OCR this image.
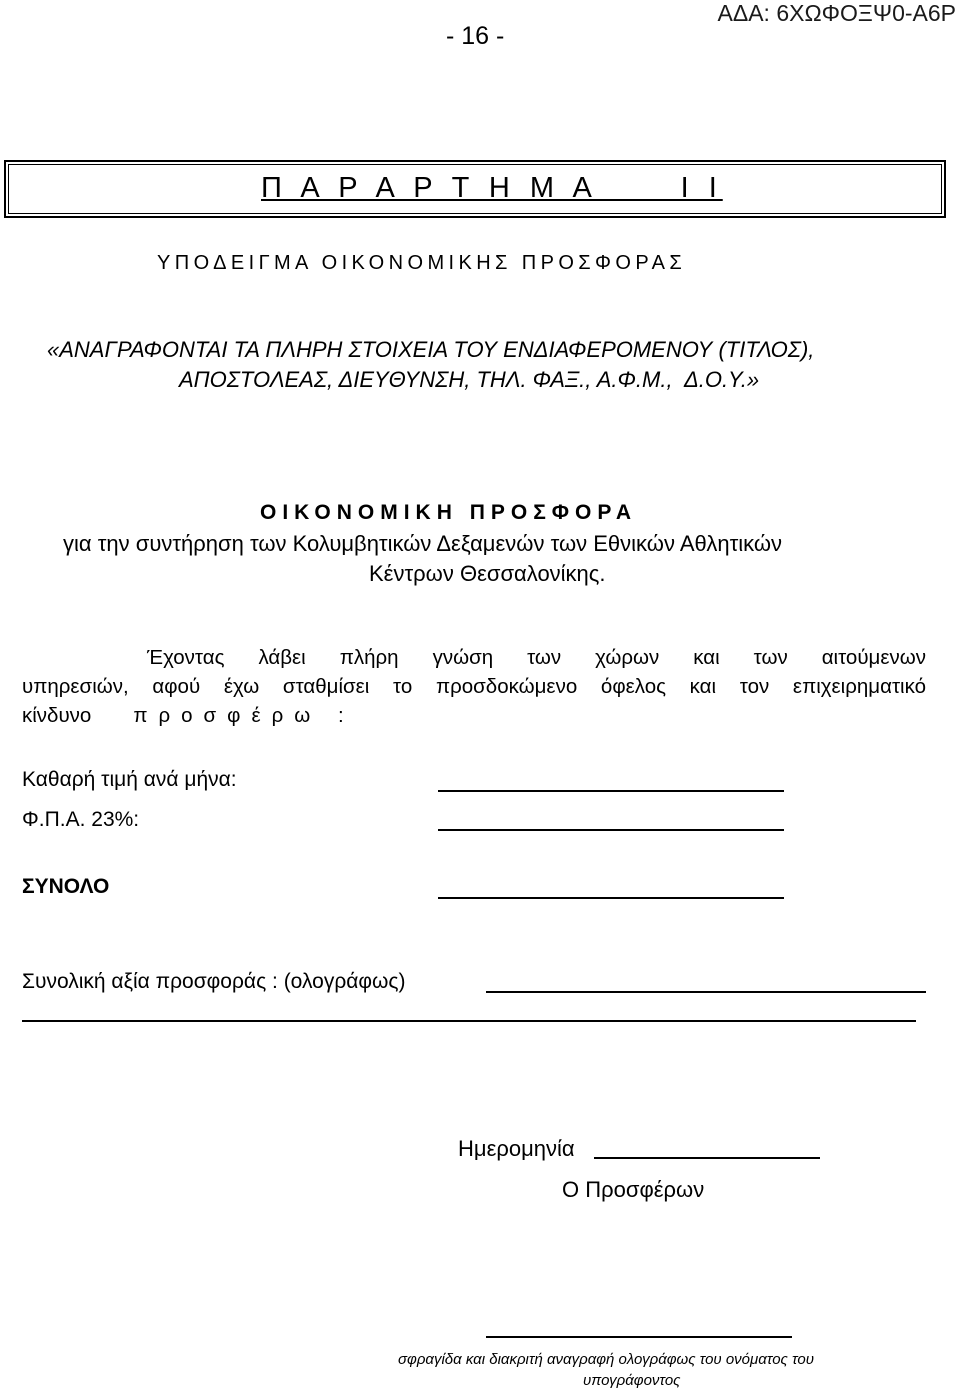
- 16 -
ΑΔΑ: 6ΧΩΦΟΞΨ0-Α6Ρ
Π Α Ρ Α Ρ Τ Η Μ Α      Ι Ι
ΥΠΟΔΕΙΓΜΑ ΟΙΚΟΝΟΜΙΚΗΣ ΠΡΟΣΦΟΡΑΣ
«ΑΝΑΓΡΑΦΟΝΤΑΙ ΤΑ ΠΛΗΡΗ ΣΤΟΙΧΕΙΑ ΤΟΥ ΕΝΔΙΑΦΕΡΟΜΕΝΟΥ (ΤΙΤΛΟΣ),
ΑΠΟΣΤΟΛΕΑΣ, ΔΙΕΥΘΥΝΣΗ, ΤΗΛ. ΦΑΞ., Α.Φ.Μ.,  Δ.Ο.Υ.»
ΟΙΚΟΝΟΜΙΚΗ ΠΡΟΣΦΟΡΑ
για την συντήρηση των Κολυμβητικών Δεξαμενών των Εθνικών Αθλητικών
Κέντρων Θεσσαλονίκης.
Έχοντας λάβει πλήρη γνώση των χώρων και των αιτούμενων
υπηρεσιών, αφού έχω σταθμίσει το προσδοκώμενο όφελος και τον επιχειρηματικό
κίνδυνο προσφέρω :
Καθαρή τιμή ανά μήνα:
Φ.Π.Α. 23%:
ΣΥΝΟΛΟ
Συνολική αξία προσφοράς : (ολογράφως)
Ημερομηνία
Ο Προσφέρων
σφραγίδα και διακριτή αναγραφή ολογράφως του ονόματος του
υπογράφοντος
